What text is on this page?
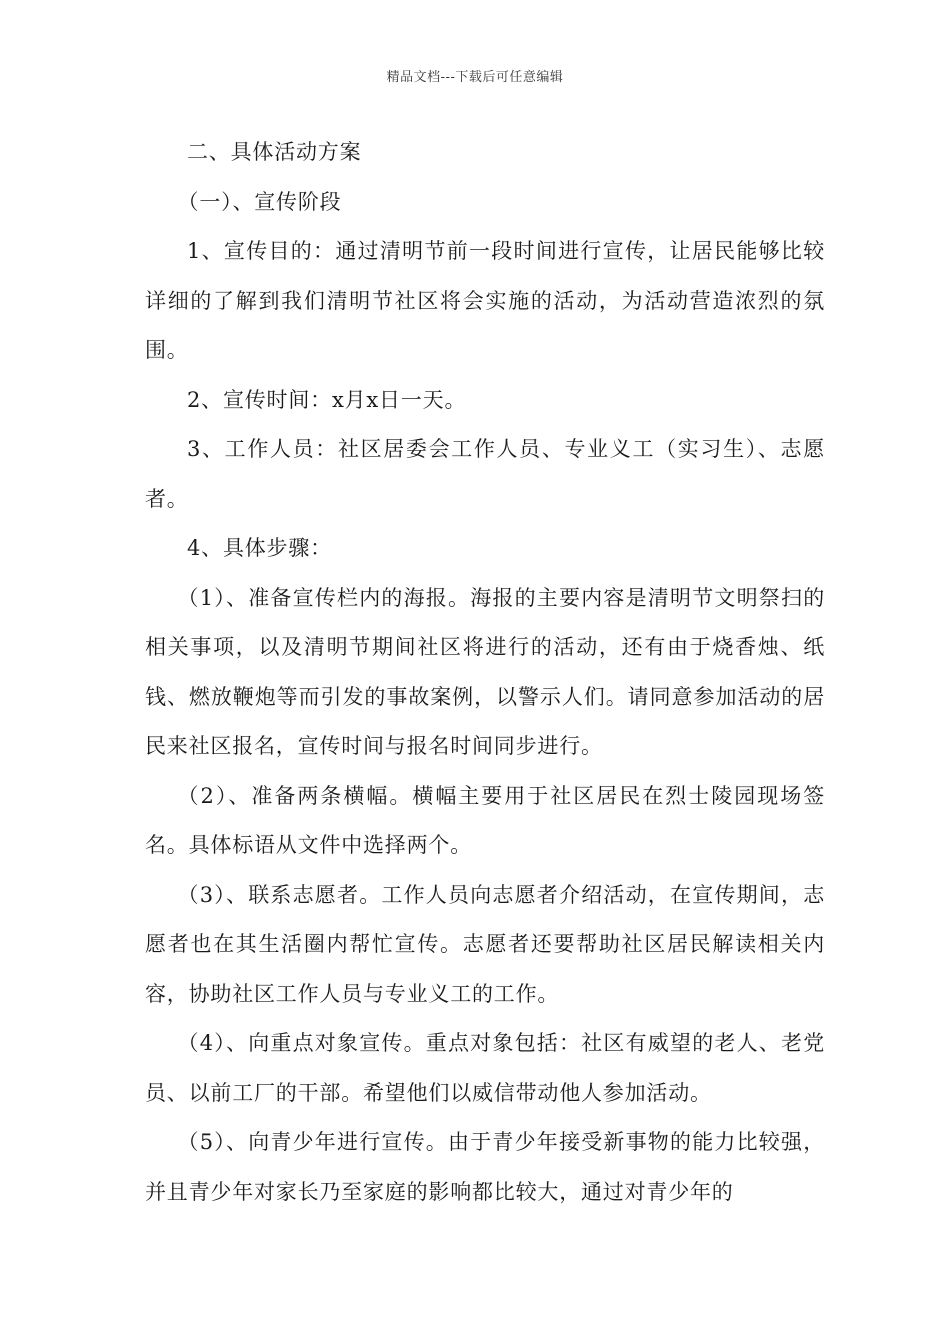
精品文档---下载后可任意编辑

二、具体活动方案

（一）、宣传阶段

1、宣传目的：通过清明节前一段时间进行宣传，让居民能够比较详细的了解到我们清明节社区将会实施的活动，为活动营造浓烈的氛围。

2、宣传时间：x月x日一天。

3、工作人员：社区居委会工作人员、专业义工（实习生）、志愿者。

4、具体步骤：

（1）、准备宣传栏内的海报。海报的主要内容是清明节文明祭扫的相关事项，以及清明节期间社区将进行的活动，还有由于烧香烛、纸钱、燃放鞭炮等而引发的事故案例，以警示人们。请同意参加活动的居民来社区报名，宣传时间与报名时间同步进行。

（2）、准备两条横幅。横幅主要用于社区居民在烈士陵园现场签名。具体标语从文件中选择两个。

（3）、联系志愿者。工作人员向志愿者介绍活动，在宣传期间，志愿者也在其生活圈内帮忙宣传。志愿者还要帮助社区居民解读相关内容，协助社区工作人员与专业义工的工作。

（4）、向重点对象宣传。重点对象包括：社区有威望的老人、老党员、以前工厂的干部。希望他们以威信带动他人参加活动。

（5）、向青少年进行宣传。由于青少年接受新事物的能力比较强，并且青少年对家长乃至家庭的影响都比较大，通过对青少年的
